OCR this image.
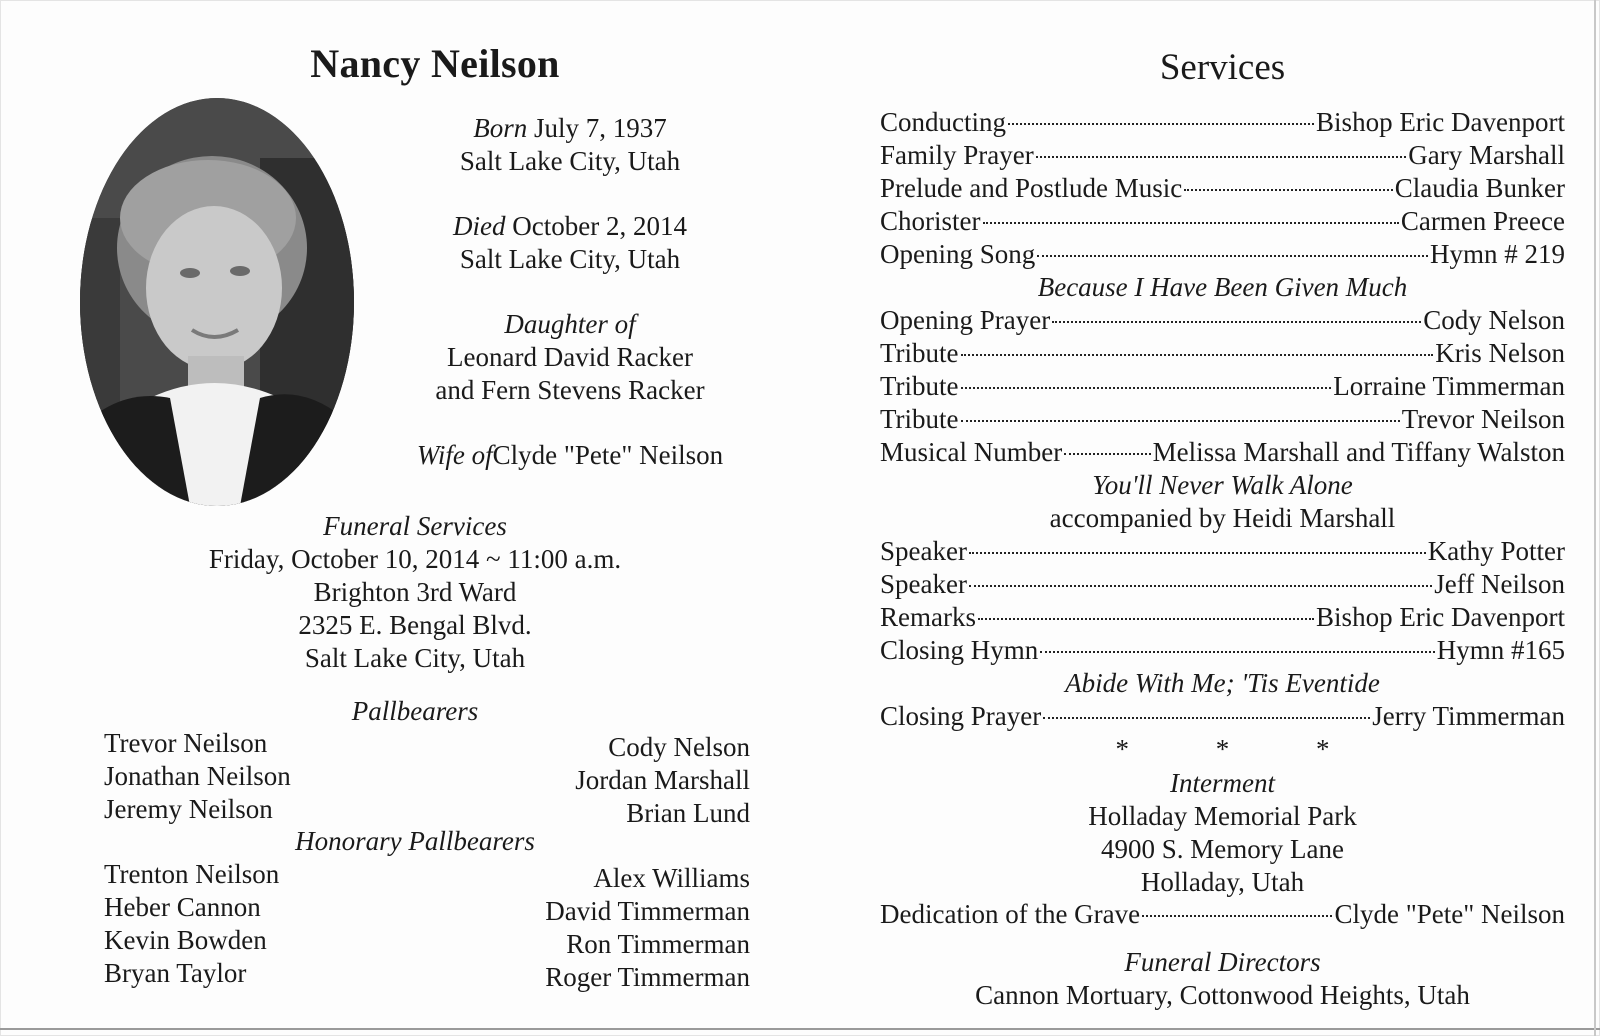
Nancy Neilson
Born July 7, 1937
Salt Lake City, Utah
Died October 2, 2014
Salt Lake City, Utah
Daughter of
Leonard David Racker
and Fern Stevens Racker
Wife ofClyde "Pete" Neilson
Funeral Services
Friday, October 10, 2014 ~ 11:00 a.m.
Brighton 3rd Ward
2325 E. Bengal Blvd.
Salt Lake City, Utah
Pallbearers
Trevor Neilson
Jonathan Neilson
Jeremy Neilson
Cody Nelson
Jordan Marshall
Brian Lund
Honorary Pallbearers
Trenton Neilson
Heber Cannon
Kevin Bowden
Bryan Taylor
Alex Williams
David Timmerman
Ron Timmerman
Roger Timmerman
Services
Conducting	Bishop Eric Davenport
Family Prayer	Gary Marshall
Prelude and Postlude Music	Claudia Bunker
Chorister	Carmen Preece
Opening Song	Hymn # 219
Because I Have Been Given Much
Opening Prayer	Cody Nelson
Tribute	Kris Nelson
Tribute	Lorraine Timmerman
Tribute	Trevor Neilson
Musical Number	Melissa Marshall and Tiffany Walston
You'll Never Walk Alone
accompanied by Heidi Marshall
Speaker	Kathy Potter
Speaker	Jeff Neilson
Remarks	Bishop Eric Davenport
Closing Hymn	Hymn #165
Abide With Me; 'Tis Eventide
Closing Prayer	Jerry Timmerman
* * *
Interment
Holladay Memorial Park
4900 S. Memory Lane
Holladay, Utah
Dedication of the Grave	Clyde "Pete" Neilson
Funeral Directors
Cannon Mortuary, Cottonwood Heights, Utah
